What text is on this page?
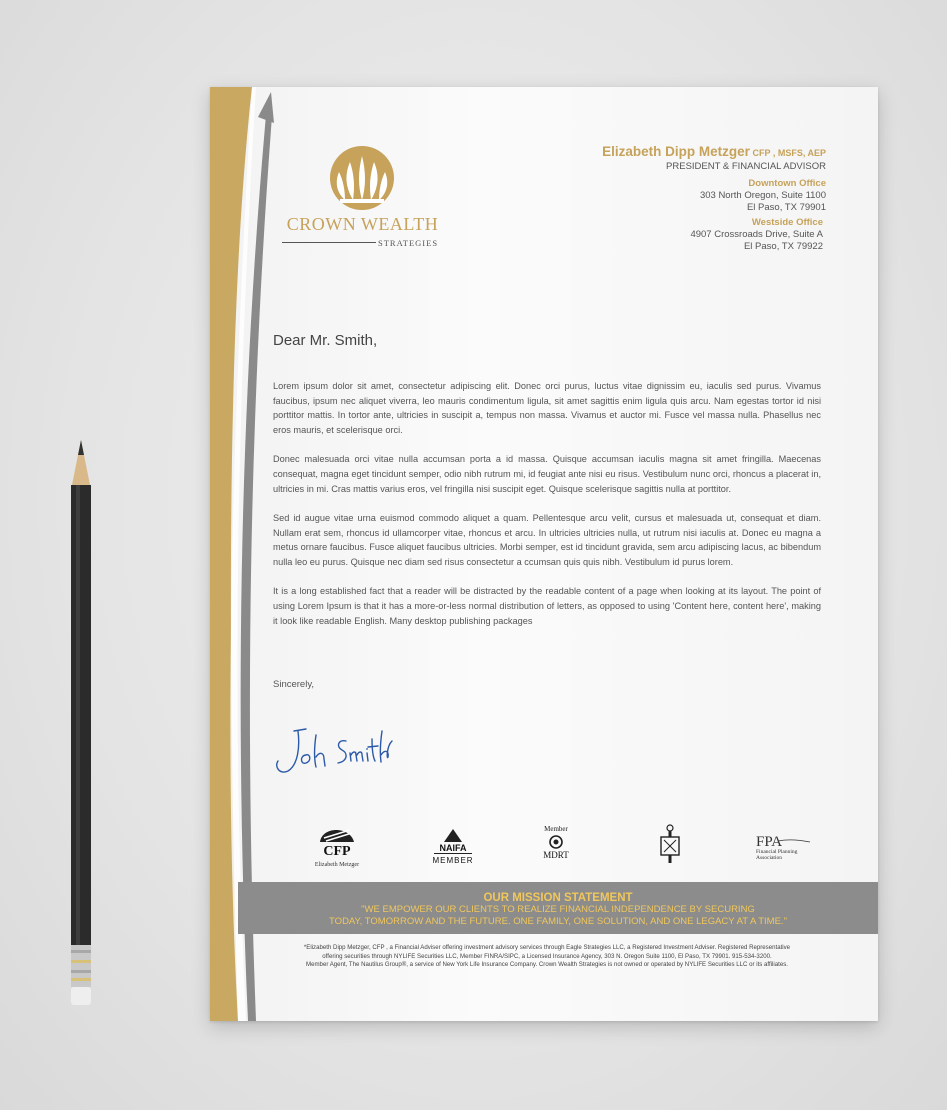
CROWN WEALTH
STRATEGIES
Elizabeth Dipp Metzger CFP , MSFS, AEP
PRESIDENT & FINANCIAL ADVISOR
Downtown Office
303 North Oregon, Suite 1100
El Paso, TX 79901
Westside Office
4907 Crossroads Drive, Suite A
El Paso, TX 79922
Dear Mr. Smith,

Lorem ipsum dolor sit amet, consectetur adipiscing elit. Donec orci purus, luctus vitae dignissim eu, iaculis sed purus. Vivamus faucibus, ipsum nec aliquet viverra, leo mauris condimentum ligula, sit amet sagittis enim ligula quis arcu. Nam egestas tortor id nisi porttitor mattis. In tortor ante, ultricies in suscipit a, tempus non massa. Vivamus et auctor mi. Fusce vel massa nulla. Phasellus nec eros mauris, et scelerisque orci.

Donec malesuada orci vitae nulla accumsan porta a id massa. Quisque accumsan iaculis magna sit amet fringilla. Maecenas consequat, magna eget tincidunt semper, odio nibh rutrum mi, id feugiat ante nisi eu risus. Vestibulum nunc orci, rhoncus a placerat in, ultricies in mi. Cras mattis varius eros, vel fringilla nisi suscipit eget. Quisque scelerisque sagittis nulla at porttitor.

Sed id augue vitae urna euismod commodo aliquet a quam. Pellentesque arcu velit, cursus et malesuada ut, consequat et diam. Nullam erat sem, rhoncus id ullamcorper vitae, rhoncus et arcu. In ultricies ultricies nulla, ut rutrum nisi iaculis at. Donec eu magna a metus ornare faucibus. Fusce aliquet faucibus ultricies. Morbi semper, est id tincidunt gravida, sem arcu adipiscing lacus, ac bibendum nulla leo eu purus. Quisque nec diam sed risus consectetur a ccumsan quis quis nibh. Vestibulum id purus lorem.

It is a long established fact that a reader will be distracted by the readable content of a page when looking at its layout. The point of using Lorem Ipsum is that it has a more-or-less normal distribution of letters, as opposed to using 'Content here, content here', making it look like readable English. Many desktop publishing packages

Sincerely,
CFP
Elizabeth Metzger
NAIFA
MEMBER
Member
MDRT
FPA
Financial Planning
Association
OUR MISSION STATEMENT
"WE EMPOWER OUR CLIENTS TO REALIZE FINANCIAL INDEPENDENCE BY SECURING
TODAY, TOMORROW AND THE FUTURE. ONE FAMILY, ONE SOLUTION, AND ONE LEGACY AT A TIME."
*Elizabeth Dipp Metzger, CFP , a Financial Adviser offering investment advisory services through Eagle Strategies LLC, a Registered Investment Adviser. Registered Representative
offering securities through NYLIFE Securities LLC, Member FINRA/SIPC, a Licensed Insurance Agency, 303 N. Oregon Suite 1100, El Paso, TX 79901. 915-534-3200.
Member Agent, The Nautilus Group®, a service of New York Life Insurance Company. Crown Wealth Strategies is not owned or operated by NYLIFE Securities LLC or its affiliates.
